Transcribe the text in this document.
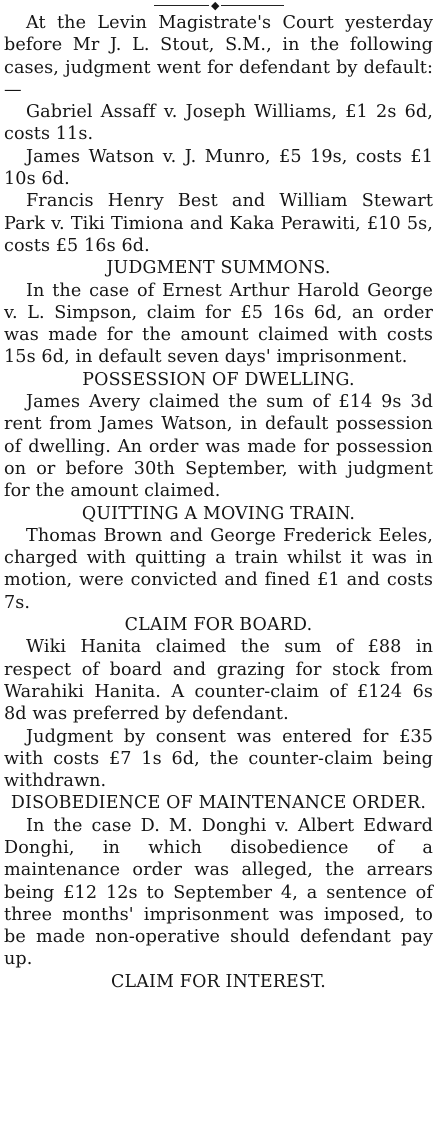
◆

At the Levin Magistrate's Court yesterday before Mr J. L. Stout, S.M., in the following cases, judgment went for defendant by default:—

Gabriel Assaff v. Joseph Williams, £1 2s 6d, costs 11s.

James Watson v. J. Munro, £5 19s, costs £1 10s 6d.

Francis Henry Best and William Stewart Park v. Tiki Timiona and Kaka Perawiti, £10 5s, costs £5 16s 6d.

JUDGMENT SUMMONS.

In the case of Ernest Arthur Harold George v. L. Simpson, claim for £5 16s 6d, an order was made for the amount claimed with costs 15s 6d, in default seven days' imprisonment.

POSSESSION OF DWELLING.

James Avery claimed the sum of £14 9s 3d rent from James Watson, in default possession of dwelling. An order was made for possession on or before 30th September, with judgment for the amount claimed.

QUITTING A MOVING TRAIN.

Thomas Brown and George Frederick Eeles, charged with quitting a train whilst it was in motion, were convicted and fined £1 and costs 7s.

CLAIM FOR BOARD.

Wiki Hanita claimed the sum of £88 in respect of board and grazing for stock from Warahiki Hanita. A counter-claim of £124 6s 8d was preferred by defendant.

Judgment by consent was entered for £35 with costs £7 1s 6d, the counter-claim being withdrawn.

DISOBEDIENCE OF MAINTENANCE ORDER.

In the case D. M. Donghi v. Albert Edward Donghi, in which disobedience of a maintenance order was alleged, the arrears being £12 12s to September 4, a sentence of three months' imprisonment was imposed, to be made non-operative should defendant pay up.

CLAIM FOR INTEREST.
